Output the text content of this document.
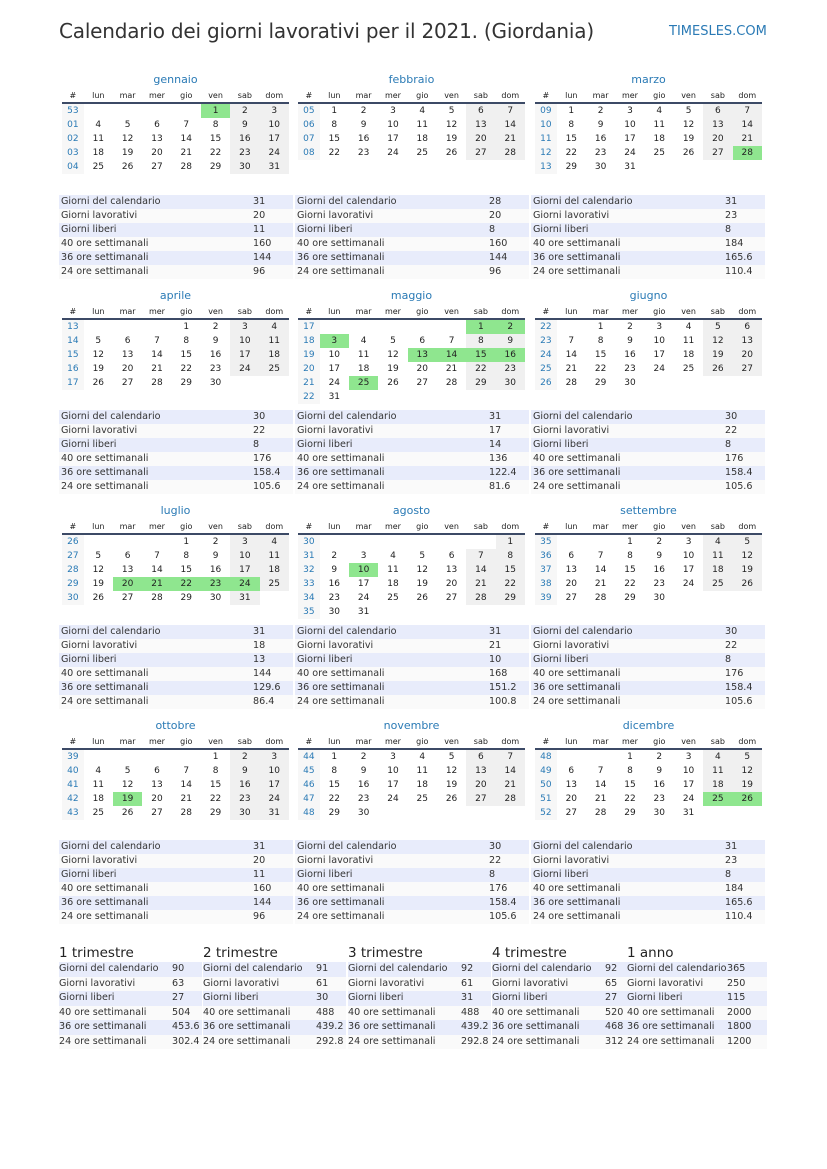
Calendario dei giorni lavorativi per il 2021. (Giordania)	TIMESLES.COM
gennaio
#	lun	mar	mer	gio	ven	sab	dom
53					1	2	3
01	4	5	6	7	8	9	10
02	11	12	13	14	15	16	17
03	18	19	20	21	22	23	24
04	25	26	27	28	29	30	31
Giorni del calendario	31
Giorni lavorativi	20
Giorni liberi	11
40 ore settimanali	160
36 ore settimanali	144
24 ore settimanali	96
febbraio
#	lun	mar	mer	gio	ven	sab	dom
05	1	2	3	4	5	6	7
06	8	9	10	11	12	13	14
07	15	16	17	18	19	20	21
08	22	23	24	25	26	27	28
Giorni del calendario	28
Giorni lavorativi	20
Giorni liberi	8
40 ore settimanali	160
36 ore settimanali	144
24 ore settimanali	96
marzo
#	lun	mar	mer	gio	ven	sab	dom
09	1	2	3	4	5	6	7
10	8	9	10	11	12	13	14
11	15	16	17	18	19	20	21
12	22	23	24	25	26	27	28
13	29	30	31				
Giorni del calendario	31
Giorni lavorativi	23
Giorni liberi	8
40 ore settimanali	184
36 ore settimanali	165.6
24 ore settimanali	110.4
aprile
#	lun	mar	mer	gio	ven	sab	dom
13				1	2	3	4
14	5	6	7	8	9	10	11
15	12	13	14	15	16	17	18
16	19	20	21	22	23	24	25
17	26	27	28	29	30		
Giorni del calendario	30
Giorni lavorativi	22
Giorni liberi	8
40 ore settimanali	176
36 ore settimanali	158.4
24 ore settimanali	105.6
maggio
#	lun	mar	mer	gio	ven	sab	dom
17						1	2
18	3	4	5	6	7	8	9
19	10	11	12	13	14	15	16
20	17	18	19	20	21	22	23
21	24	25	26	27	28	29	30
22	31						
Giorni del calendario	31
Giorni lavorativi	17
Giorni liberi	14
40 ore settimanali	136
36 ore settimanali	122.4
24 ore settimanali	81.6
giugno
#	lun	mar	mer	gio	ven	sab	dom
22		1	2	3	4	5	6
23	7	8	9	10	11	12	13
24	14	15	16	17	18	19	20
25	21	22	23	24	25	26	27
26	28	29	30				
Giorni del calendario	30
Giorni lavorativi	22
Giorni liberi	8
40 ore settimanali	176
36 ore settimanali	158.4
24 ore settimanali	105.6
luglio
#	lun	mar	mer	gio	ven	sab	dom
26				1	2	3	4
27	5	6	7	8	9	10	11
28	12	13	14	15	16	17	18
29	19	20	21	22	23	24	25
30	26	27	28	29	30	31	
Giorni del calendario	31
Giorni lavorativi	18
Giorni liberi	13
40 ore settimanali	144
36 ore settimanali	129.6
24 ore settimanali	86.4
agosto
#	lun	mar	mer	gio	ven	sab	dom
30							1
31	2	3	4	5	6	7	8
32	9	10	11	12	13	14	15
33	16	17	18	19	20	21	22
34	23	24	25	26	27	28	29
35	30	31					
Giorni del calendario	31
Giorni lavorativi	21
Giorni liberi	10
40 ore settimanali	168
36 ore settimanali	151.2
24 ore settimanali	100.8
settembre
#	lun	mar	mer	gio	ven	sab	dom
35			1	2	3	4	5
36	6	7	8	9	10	11	12
37	13	14	15	16	17	18	19
38	20	21	22	23	24	25	26
39	27	28	29	30			
Giorni del calendario	30
Giorni lavorativi	22
Giorni liberi	8
40 ore settimanali	176
36 ore settimanali	158.4
24 ore settimanali	105.6
ottobre
#	lun	mar	mer	gio	ven	sab	dom
39					1	2	3
40	4	5	6	7	8	9	10
41	11	12	13	14	15	16	17
42	18	19	20	21	22	23	24
43	25	26	27	28	29	30	31
Giorni del calendario	31
Giorni lavorativi	20
Giorni liberi	11
40 ore settimanali	160
36 ore settimanali	144
24 ore settimanali	96
novembre
#	lun	mar	mer	gio	ven	sab	dom
44	1	2	3	4	5	6	7
45	8	9	10	11	12	13	14
46	15	16	17	18	19	20	21
47	22	23	24	25	26	27	28
48	29	30					
Giorni del calendario	30
Giorni lavorativi	22
Giorni liberi	8
40 ore settimanali	176
36 ore settimanali	158.4
24 ore settimanali	105.6
dicembre
#	lun	mar	mer	gio	ven	sab	dom
48			1	2	3	4	5
49	6	7	8	9	10	11	12
50	13	14	15	16	17	18	19
51	20	21	22	23	24	25	26
52	27	28	29	30	31		
Giorni del calendario	31
Giorni lavorativi	23
Giorni liberi	8
40 ore settimanali	184
36 ore settimanali	165.6
24 ore settimanali	110.4
1 trimestre
Giorni del calendario	90
Giorni lavorativi	63
Giorni liberi	27
40 ore settimanali	504
36 ore settimanali	453.6
24 ore settimanali	302.4
2 trimestre
Giorni del calendario	91
Giorni lavorativi	61
Giorni liberi	30
40 ore settimanali	488
36 ore settimanali	439.2
24 ore settimanali	292.8
3 trimestre
Giorni del calendario	92
Giorni lavorativi	61
Giorni liberi	31
40 ore settimanali	488
36 ore settimanali	439.2
24 ore settimanali	292.8
4 trimestre
Giorni del calendario	92
Giorni lavorativi	65
Giorni liberi	27
40 ore settimanali	520
36 ore settimanali	468
24 ore settimanali	312
1 anno
Giorni del calendario	365
Giorni lavorativi	250
Giorni liberi	115
40 ore settimanali	2000
36 ore settimanali	1800
24 ore settimanali	1200
